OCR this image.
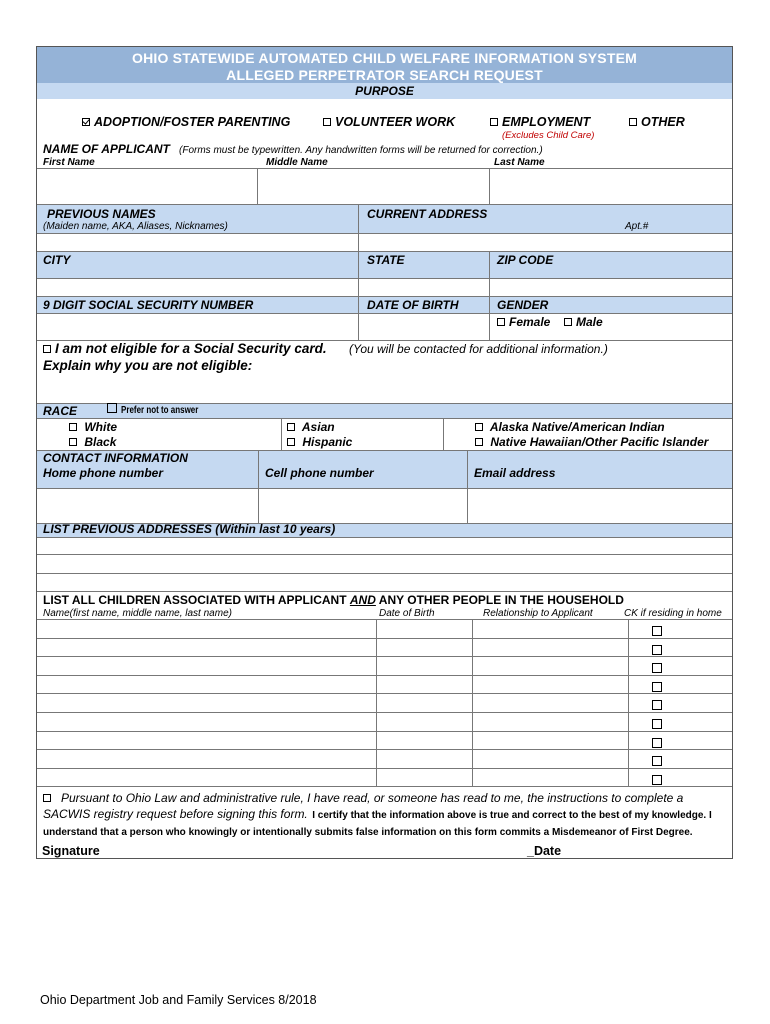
OHIO STATEWIDE AUTOMATED CHILD WELFARE INFORMATION SYSTEM
ALLEGED PERPETRATOR SEARCH REQUEST
PURPOSE
ADOPTION/FOSTER PARENTING	VOLUNTEER WORK	EMPLOYMENT	OTHER
(Excludes Child Care)
NAME OF APPLICANT (Forms must be typewritten. Any handwritten forms will be returned for correction.)
First Name	Middle Name	Last Name
PREVIOUS NAMES
(Maiden name, AKA, Aliases, Nicknames)
CURRENT ADDRESS
Apt.#
CITY	STATE	ZIP CODE
9 DIGIT SOCIAL SECURITY NUMBER	DATE OF BIRTH	GENDER
Female	Male
I am not eligible for a Social Security card. (You will be contacted for additional information.)
Explain why you are not eligible:
RACE	Prefer not to answer
White
Black
Asian
Hispanic
Alaska Native/American Indian
Native Hawaiian/Other Pacific Islander
CONTACT INFORMATION
Home phone number	Cell phone number	Email address
LIST PREVIOUS ADDRESSES (Within last 10 years)
LIST ALL CHILDREN ASSOCIATED WITH APPLICANT AND ANY OTHER PEOPLE IN THE HOUSEHOLD
Name(first name, middle name, last name)	Date of Birth	Relationship to Applicant	CK if residing in home
Pursuant to Ohio Law and administrative rule, I have read, or someone has read to me, the instructions to complete a SACWIS registry request before signing this form. I certify that the information above is true and correct to the best of my knowledge. I understand that a person who knowingly or intentionally submits false information on this form commits a Misdemeanor of First Degree.
Signature	_Date
Ohio Department Job and Family Services 8/2018
